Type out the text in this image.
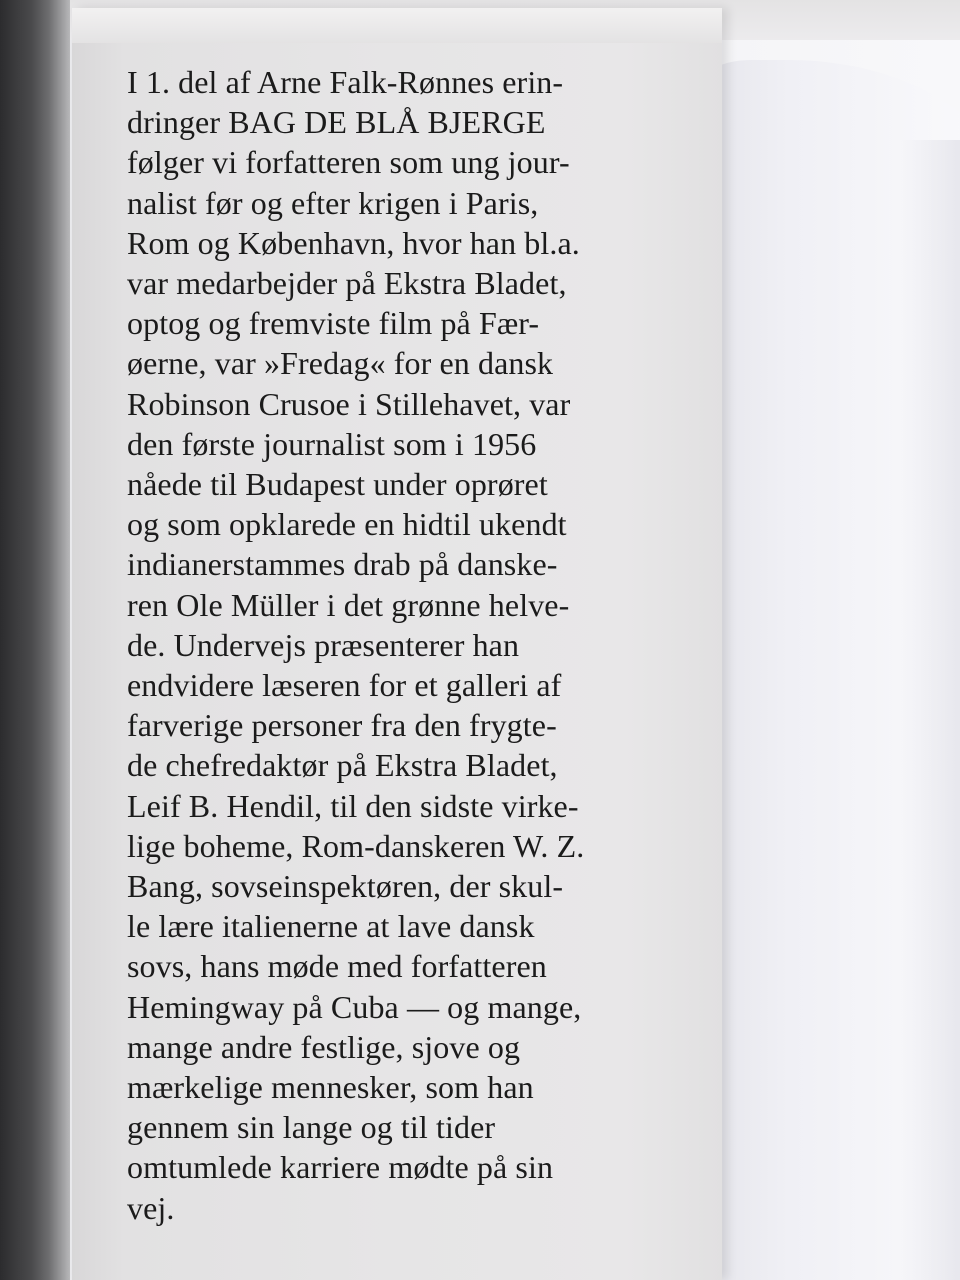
I 1. del af Arne Falk-Rønnes erin-
dringer BAG DE BLÅ BJERGE
følger vi forfatteren som ung jour-
nalist før og efter krigen i Paris,
Rom og København, hvor han bl.a.
var medarbejder på Ekstra Bladet,
optog og fremviste film på Fær-
øerne, var »Fredag« for en dansk
Robinson Crusoe i Stillehavet, var
den første journalist som i 1956
nåede til Budapest under oprøret
og som opklarede en hidtil ukendt
indianerstammes drab på danske-
ren Ole Müller i det grønne helve-
de. Undervejs præsenterer han
endvidere læseren for et galleri af
farverige personer fra den frygte-
de chefredaktør på Ekstra Bladet,
Leif B. Hendil, til den sidste virke-
lige boheme, Rom-danskeren W. Z.
Bang, sovseinspektøren, der skul-
le lære italienerne at lave dansk
sovs, hans møde med forfatteren
Hemingway på Cuba — og mange,
mange andre festlige, sjove og
mærkelige mennesker, som han
gennem sin lange og til tider
omtumlede karriere mødte på sin
vej.
